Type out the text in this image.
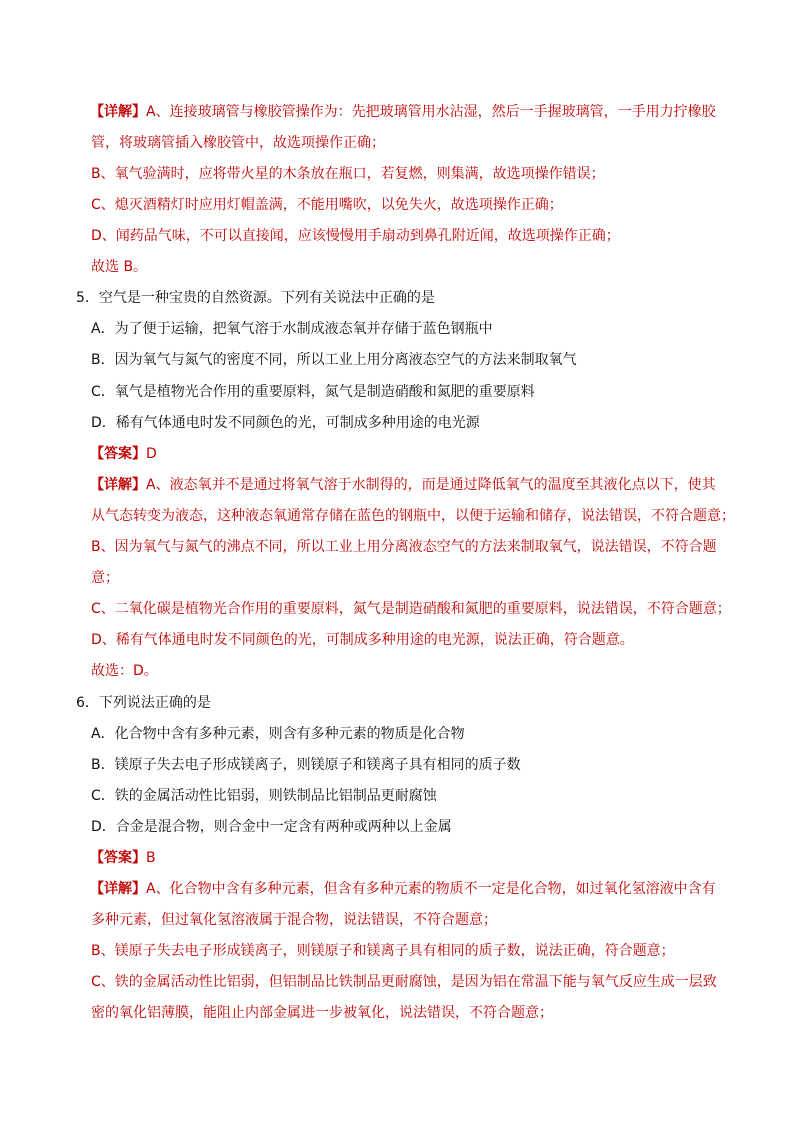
【详解】A、连接玻璃管与橡胶管操作为：先把玻璃管用水沾湿，然后一手握玻璃管，一手用力拧橡胶
管，将玻璃管插入橡胶管中，故选项操作正确；
B、氧气验满时，应将带火星的木条放在瓶口，若复燃，则集满，故选项操作错误；
C、熄灭酒精灯时应用灯帽盖满，不能用嘴吹，以免失火，故选项操作正确；
D、闻药品气味，不可以直接闻，应该慢慢用手扇动到鼻孔附近闻，故选项操作正确；
故选 B。
5．空气是一种宝贵的自然资源。下列有关说法中正确的是
A．为了便于运输，把氧气溶于水制成液态氧并存储于蓝色钢瓶中
B．因为氧气与氮气的密度不同，所以工业上用分离液态空气的方法来制取氧气
C．氧气是植物光合作用的重要原料，氮气是制造硝酸和氮肥的重要原料
D．稀有气体通电时发不同颜色的光，可制成多种用途的电光源
【答案】D
【详解】A、液态氧并不是通过将氧气溶于水制得的，而是通过降低氧气的温度至其液化点以下，使其
从气态转变为液态，这种液态氧通常存储在蓝色的钢瓶中，以便于运输和储存，说法错误，不符合题意；
B、因为氧气与氮气的沸点不同，所以工业上用分离液态空气的方法来制取氧气，说法错误，不符合题
意；
C、二氧化碳是植物光合作用的重要原料，氮气是制造硝酸和氮肥的重要原料，说法错误，不符合题意；
D、稀有气体通电时发不同颜色的光，可制成多种用途的电光源，说法正确，符合题意。
故选：D。
6．下列说法正确的是
A．化合物中含有多种元素，则含有多种元素的物质是化合物
B．镁原子失去电子形成镁离子，则镁原子和镁离子具有相同的质子数
C．铁的金属活动性比铝弱，则铁制品比铝制品更耐腐蚀
D．合金是混合物，则合金中一定含有两种或两种以上金属
【答案】B
【详解】A、化合物中含有多种元素，但含有多种元素的物质不一定是化合物，如过氧化氢溶液中含有
多种元素，但过氧化氢溶液属于混合物，说法错误，不符合题意；
B、镁原子失去电子形成镁离子，则镁原子和镁离子具有相同的质子数，说法正确，符合题意；
C、铁的金属活动性比铝弱，但铝制品比铁制品更耐腐蚀，是因为铝在常温下能与氧气反应生成一层致
密的氧化铝薄膜，能阻止内部金属进一步被氧化，说法错误，不符合题意；
